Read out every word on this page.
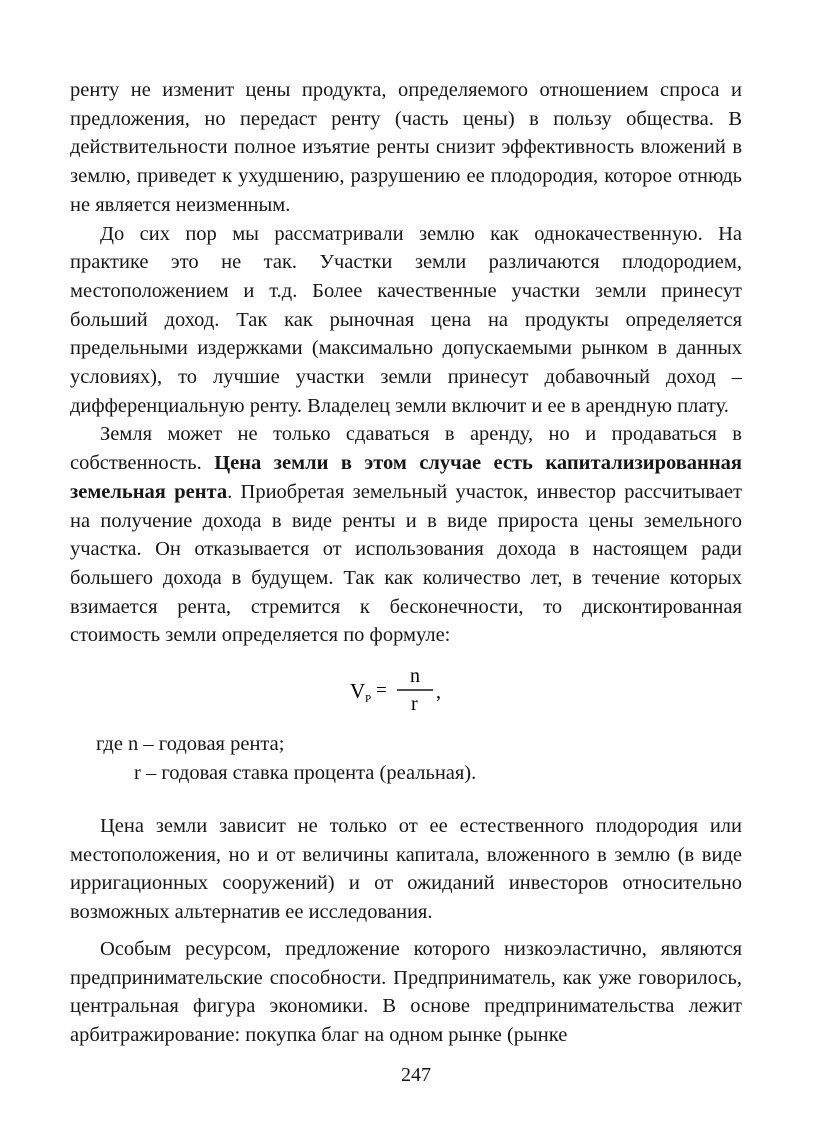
ренту не изменит цены продукта, определяемого отношением спроса и предложения, но передаст ренту (часть цены) в пользу общества. В действительности полное изъятие ренты снизит эффективность вложений в землю, приведет к ухудшению, разрушению ее плодородия, которое отнюдь не является неизменным.

До сих пор мы рассматривали землю как однокачественную. На практике это не так. Участки земли различаются плодородием, местоположением и т.д. Более качественные участки земли принесут больший доход. Так как рыночная цена на продукты определяется предельными издержками (максимально допускаемыми рынком в данных условиях), то лучшие участки земли принесут добавочный доход – дифференциальную ренту. Владелец земли включит и ее в арендную плату.

Земля может не только сдаваться в аренду, но и продаваться в собственность. Цена земли в этом случае есть капитализированная земельная рента. Приобретая земельный участок, инвестор рассчитывает на получение дохода в виде ренты и в виде прироста цены земельного участка. Он отказывается от использования дохода в настоящем ради большего дохода в будущем. Так как количество лет, в течение которых взимается рента, стремится к бесконечности, то дисконтированная стоимость земли определяется по формуле:

V P =
n
r
,
где n – годовая рента;
r – годовая ставка процента (реальная).

Цена земли зависит не только от ее естественного плодородия или местоположения, но и от величины капитала, вложенного в землю (в виде ирригационных сооружений) и от ожиданий инвесторов относительно возможных альтернатив ее исследования.

Особым ресурсом, предложение которого низкоэластично, являются предпринимательские способности. Предприниматель, как уже говорилось, центральная фигура экономики. В основе предпринимательства лежит арбитражирование: покупка благ на одном рынке (рынке

247
